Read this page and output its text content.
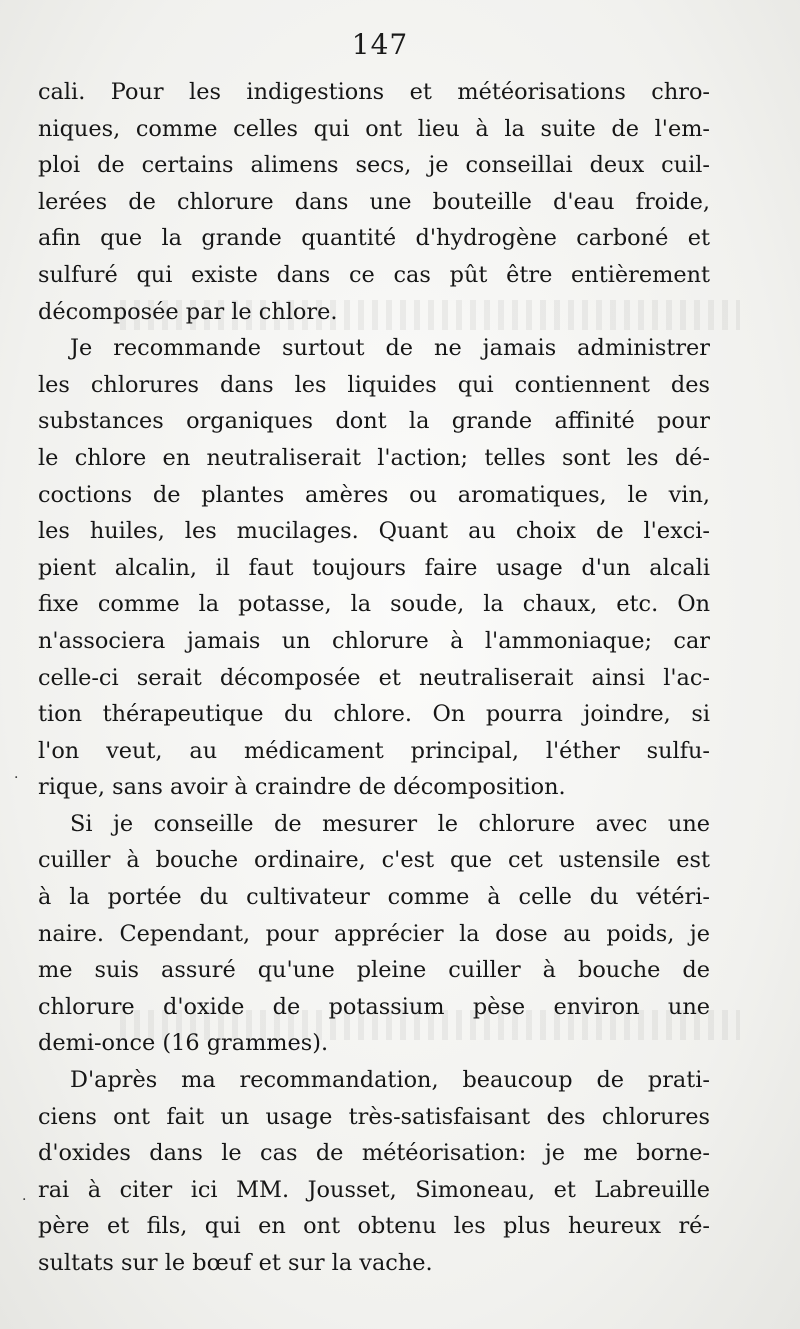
147
cali. Pour les indigestions et météorisations chro-
niques, comme celles qui ont lieu à la suite de l'em-
ploi de certains alimens secs, je conseillai deux cuil-
lerées de chlorure dans une bouteille d'eau froide,
afin que la grande quantité d'hydrogène carboné et
sulfuré qui existe dans ce cas pût être entièrement
décomposée par le chlore.
Je recommande surtout de ne jamais administrer
les chlorures dans les liquides qui contiennent des
substances organiques dont la grande affinité pour
le chlore en neutraliserait l'action; telles sont les dé-
coctions de plantes amères ou aromatiques, le vin,
les huiles, les mucilages. Quant au choix de l'exci-
pient alcalin, il faut toujours faire usage d'un alcali
fixe comme la potasse, la soude, la chaux, etc. On
n'associera jamais un chlorure à l'ammoniaque; car
celle-ci serait décomposée et neutraliserait ainsi l'ac-
tion thérapeutique du chlore. On pourra joindre, si
l'on veut, au médicament principal, l'éther sulfu-
rique, sans avoir à craindre de décomposition.
Si je conseille de mesurer le chlorure avec une
cuiller à bouche ordinaire, c'est que cet ustensile est
à la portée du cultivateur comme à celle du vétéri-
naire. Cependant, pour apprécier la dose au poids, je
me suis assuré qu'une pleine cuiller à bouche de
chlorure d'oxide de potassium pèse environ une
demi-once (16 grammes).
D'après ma recommandation, beaucoup de prati-
ciens ont fait un usage très-satisfaisant des chlorures
d'oxides dans le cas de météorisation: je me borne-
rai à citer ici MM. Jousset, Simoneau, et Labreuille
père et fils, qui en ont obtenu les plus heureux ré-
sultats sur le bœuf et sur la vache.
·
·
